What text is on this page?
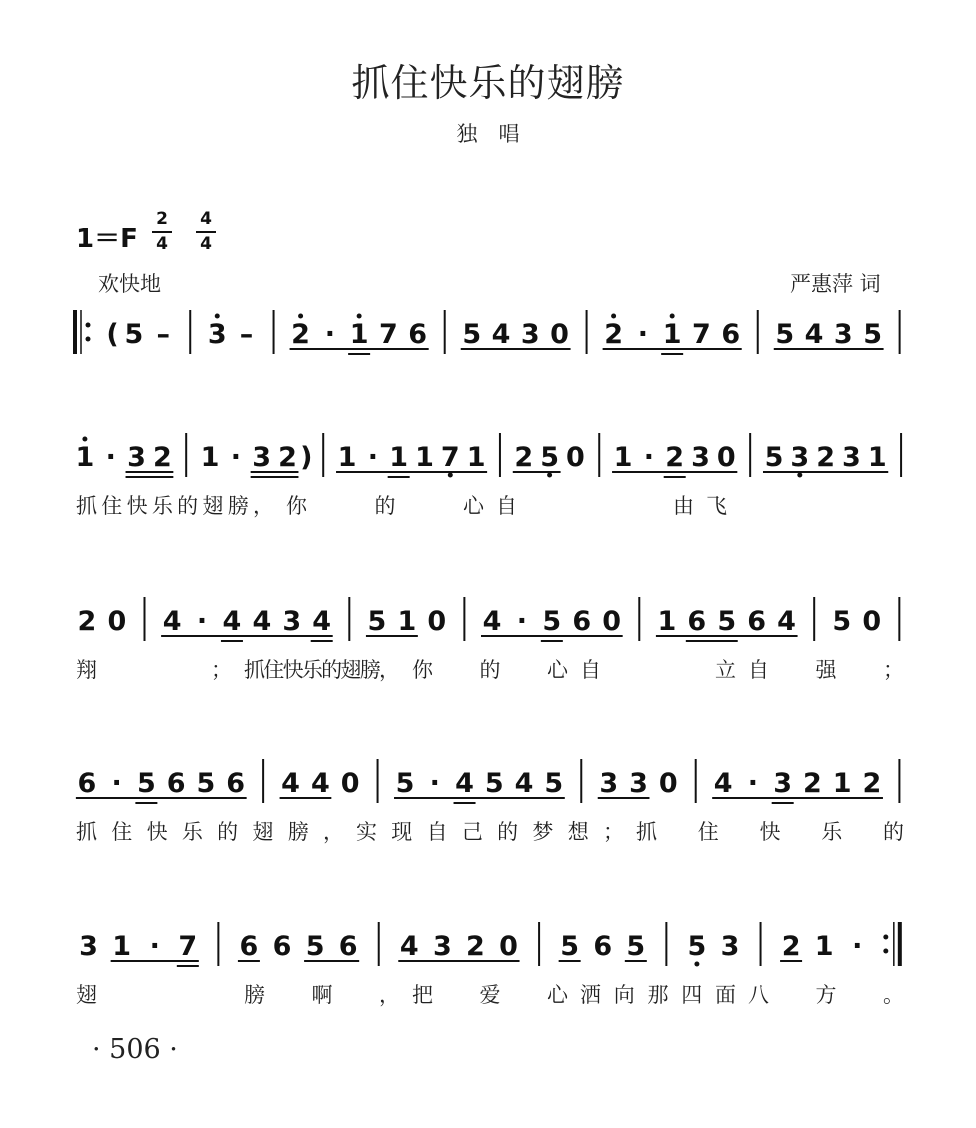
抓住快乐的翅膀
独　唱
1＝F
2
4
4
4
欢快地	严惠萍 词
( 5 – 3 – 2 · 1 7 6 5 4 3 0 2 · 1 7 6 5 4 3 5
1 · 3 2 1 · 3 2 ) 1 · 1 1 7 1 2 5 0 1 · 2 3 0 5 3 2 3 1
抓住快乐的翅膀， 你的心 自由 飞
2 0 4 · 4 4 3 4 5 1 0 4 · 5 6 0 1 6 5 6 4 5 0
翔； 抓住快乐的翅膀， 你的心 自立 自强；
6 · 5 6 5 6 4 4 0 5 · 4 5 4 5 3 3 0 4 · 3 2 1 2
抓住快乐的翅膀， 实现自己的梦想； 抓住快乐的
3 1 · 7 6 6 5 6 4 3 2 0 5 6 5 5 3 2 1 ·
翅	膀啊， 把爱心 洒向那四面 八方。
· 506 ·
